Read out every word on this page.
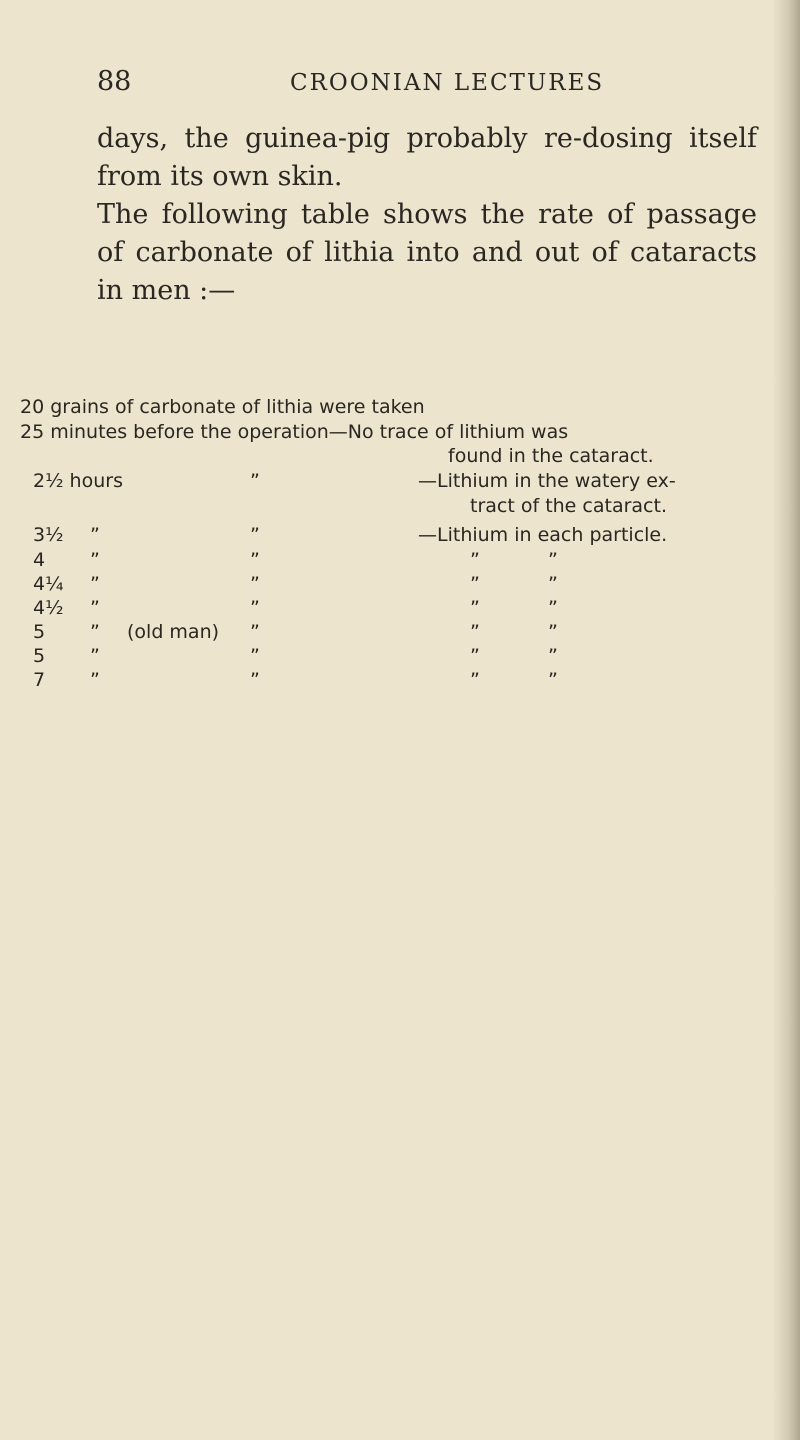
88	CROONIAN LECTURES

days, the guinea-pig probably re-dosing itself
from its own skin.
The following table shows the rate of passage
of carbonate of lithia into and out of cataracts
in men :—

20 grains of carbonate of lithia were taken
25 minutes before the operation—No trace of lithium was
found in the cataract.
2½ hours	”	—Lithium in the watery ex-
tract of the cataract.
3½ ”	”	—Lithium in each particle.
4 ”	”	”	”
4¼ ”	”	”	”
4½ ”	”	”	”
5 ” (old man) ”	”	”
5 ”	”	”	”
7 ”	”	”	”
